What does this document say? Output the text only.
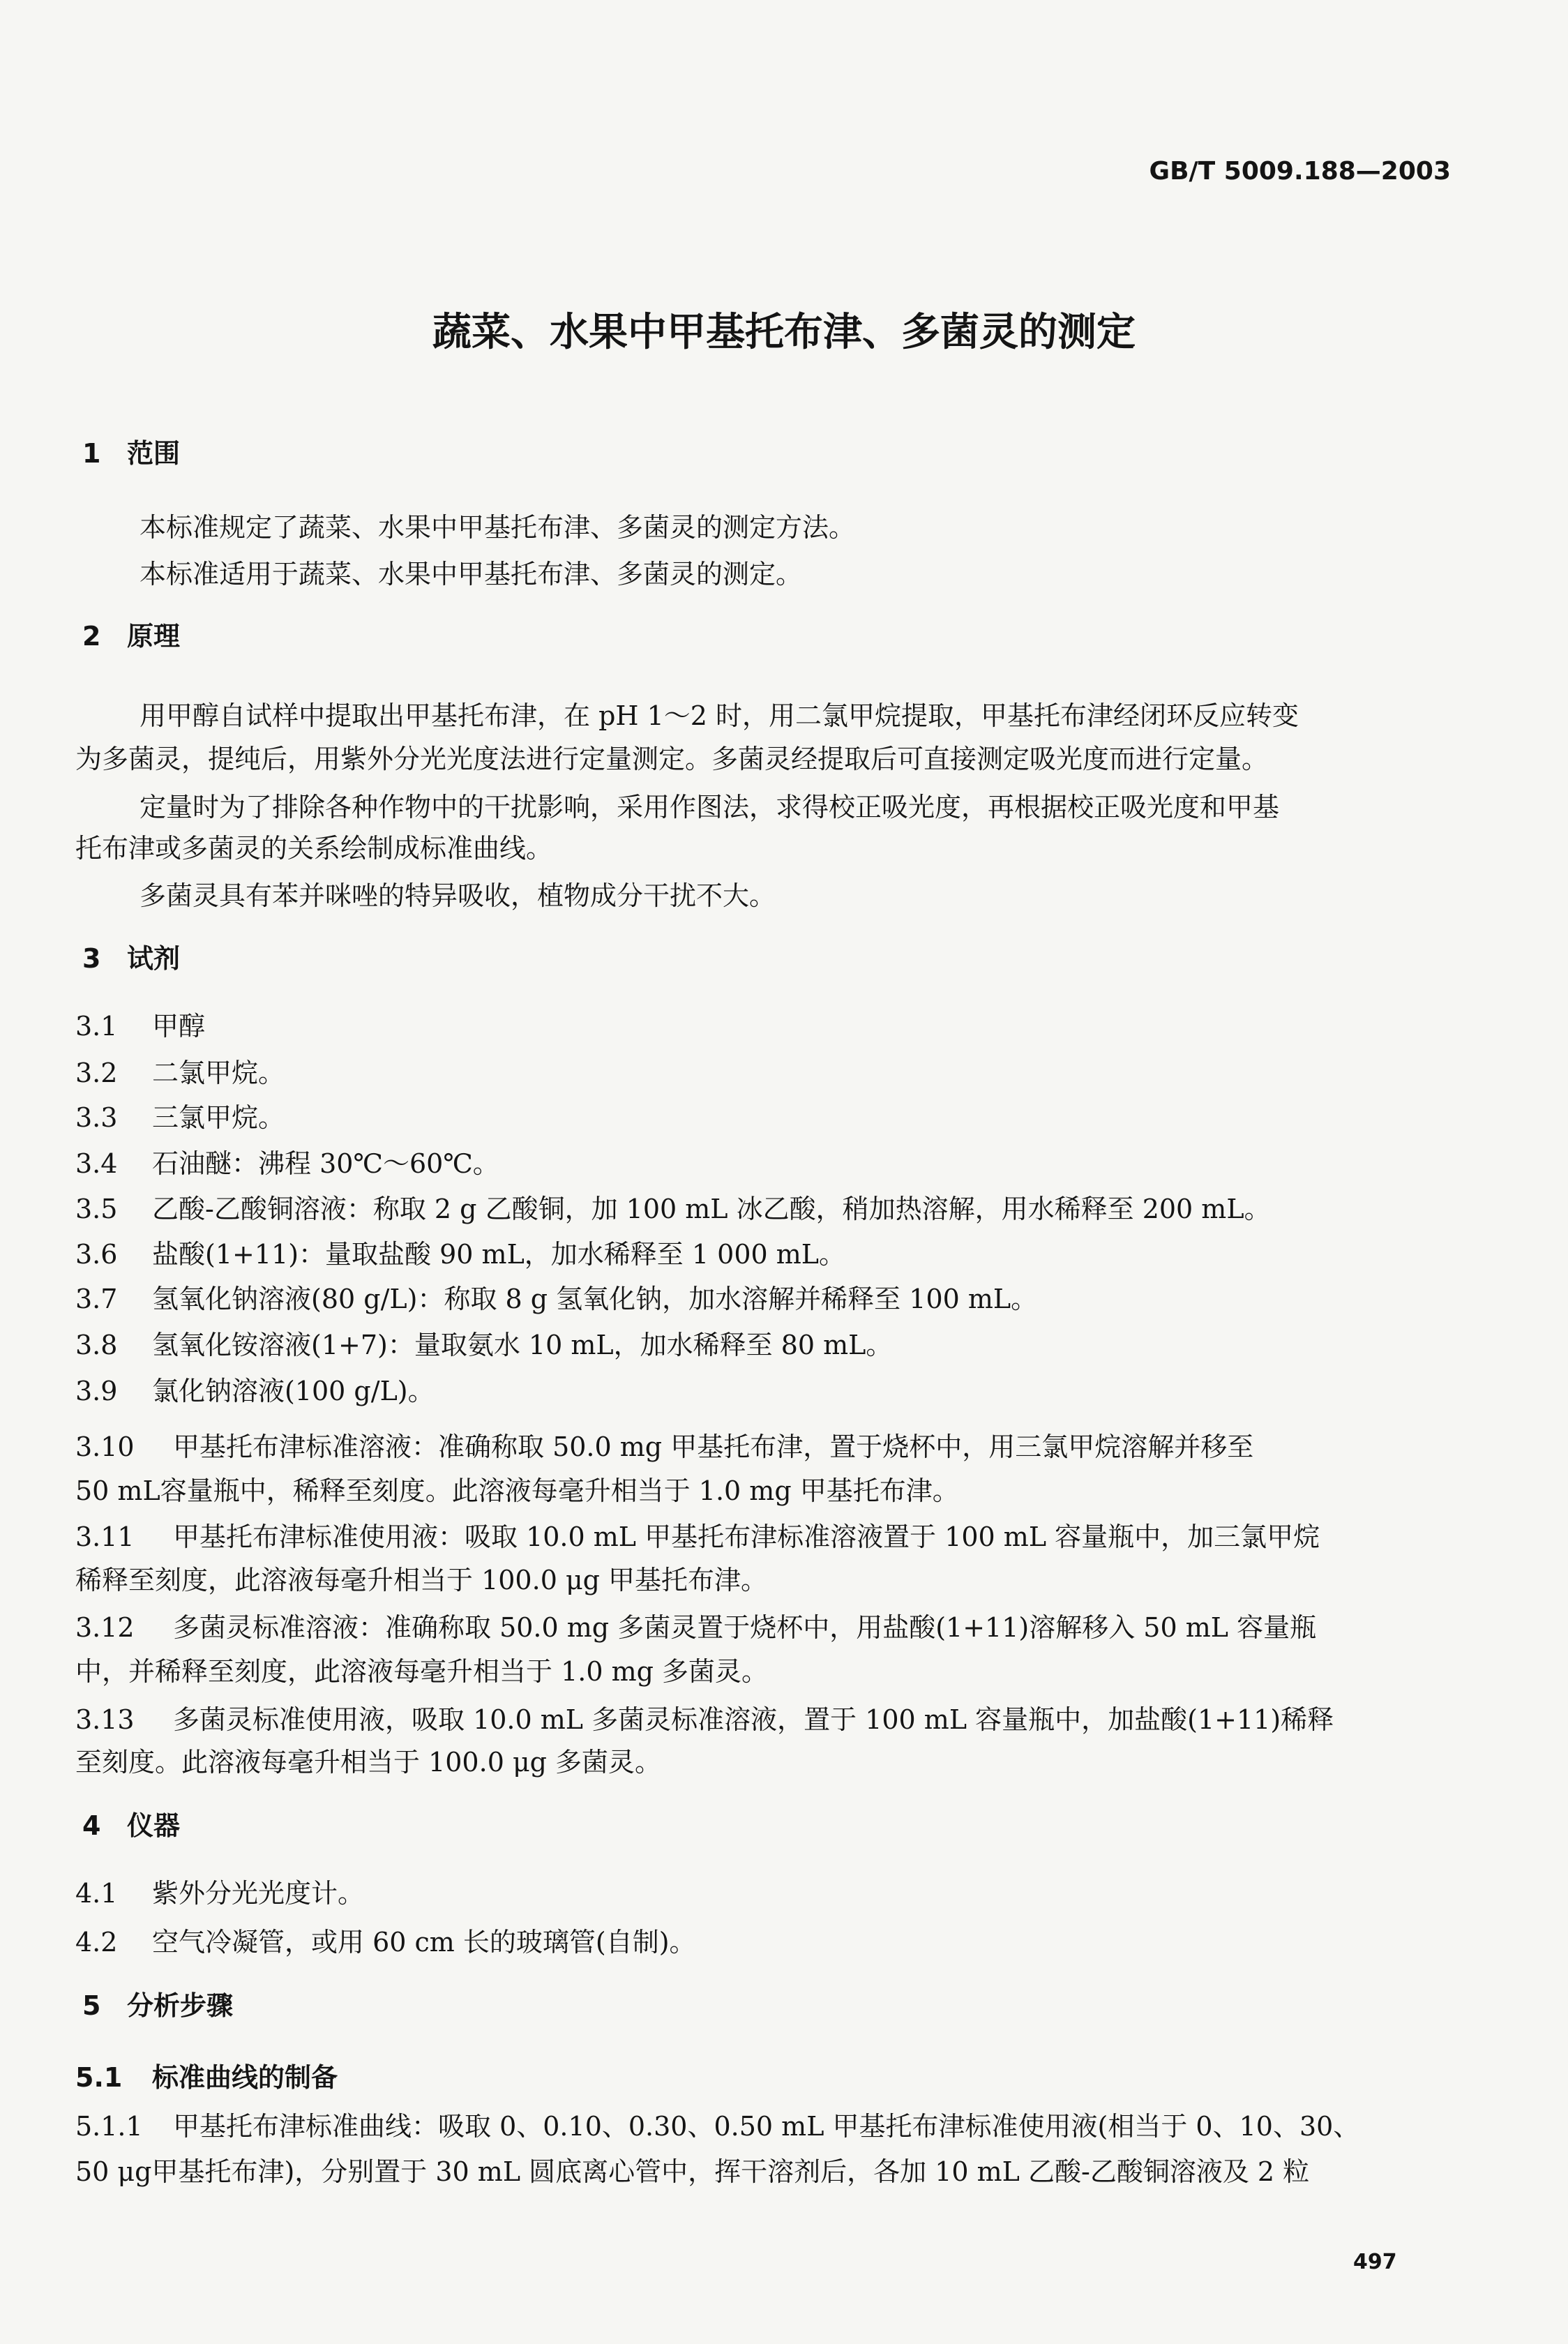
GB/T 5009.188—2003
蔬菜、水果中甲基托布津、多菌灵的测定
1 范围
本标准规定了蔬菜、水果中甲基托布津、多菌灵的测定方法。
本标准适用于蔬菜、水果中甲基托布津、多菌灵的测定。
2 原理
用甲醇自试样中提取出甲基托布津，在 pH 1～2 时，用二氯甲烷提取，甲基托布津经闭环反应转变
为多菌灵，提纯后，用紫外分光光度法进行定量测定。多菌灵经提取后可直接测定吸光度而进行定量。
定量时为了排除各种作物中的干扰影响，采用作图法，求得校正吸光度，再根据校正吸光度和甲基
托布津或多菌灵的关系绘制成标准曲线。
多菌灵具有苯并咪唑的特异吸收，植物成分干扰不大。
3 试剂
3.1 甲醇
3.2 二氯甲烷。
3.3 三氯甲烷。
3.4 石油醚：沸程 30℃～60℃。
3.5 乙酸-乙酸铜溶液：称取 2 g 乙酸铜，加 100 mL 冰乙酸，稍加热溶解，用水稀释至 200 mL。
3.6 盐酸(1+11)：量取盐酸 90 mL，加水稀释至 1 000 mL。
3.7 氢氧化钠溶液(80 g/L)：称取 8 g 氢氧化钠，加水溶解并稀释至 100 mL。
3.8 氢氧化铵溶液(1+7)：量取氨水 10 mL，加水稀释至 80 mL。
3.9 氯化钠溶液(100 g/L)。
3.10 甲基托布津标准溶液：准确称取 50.0 mg 甲基托布津，置于烧杯中，用三氯甲烷溶解并移至
50 mL容量瓶中，稀释至刻度。此溶液每毫升相当于 1.0 mg 甲基托布津。
3.11 甲基托布津标准使用液：吸取 10.0 mL 甲基托布津标准溶液置于 100 mL 容量瓶中，加三氯甲烷
稀释至刻度，此溶液每毫升相当于 100.0 μg 甲基托布津。
3.12 多菌灵标准溶液：准确称取 50.0 mg 多菌灵置于烧杯中，用盐酸(1+11)溶解移入 50 mL 容量瓶
中，并稀释至刻度，此溶液每毫升相当于 1.0 mg 多菌灵。
3.13 多菌灵标准使用液，吸取 10.0 mL 多菌灵标准溶液，置于 100 mL 容量瓶中，加盐酸(1+11)稀释
至刻度。此溶液每毫升相当于 100.0 μg 多菌灵。
4 仪器
4.1 紫外分光光度计。
4.2 空气冷凝管，或用 60 cm 长的玻璃管(自制)。
5 分析步骤
5.1 标准曲线的制备
5.1.1 甲基托布津标准曲线：吸取 0、0.10、0.30、0.50 mL 甲基托布津标准使用液(相当于 0、10、30、
50 μg甲基托布津)，分别置于 30 mL 圆底离心管中，挥干溶剂后，各加 10 mL 乙酸-乙酸铜溶液及 2 粒
497
